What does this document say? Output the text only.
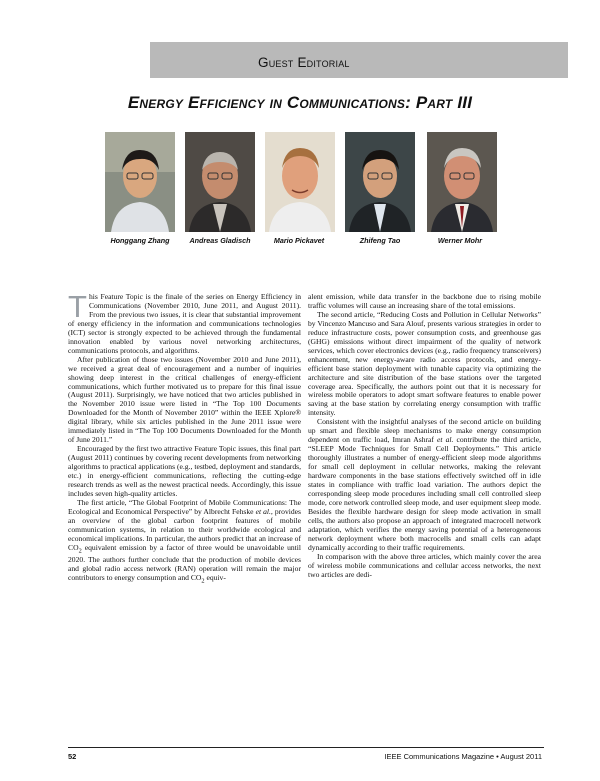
Guest Editorial
Energy Efficiency in Communications: Part III
Honggang Zhang	Andreas Gladisch	Mario Pickavet	Zhifeng Tao	Werner Mohr

This Feature Topic is the finale of the series on Energy Efficiency in Communications (November 2010, June 2011, and August 2011). From the previous two issues, it is clear that substantial improvement of energy efficiency in the information and communications technologies (ICT) sector is strongly expected to be achieved through the fundamental innovation enabled by various novel networking architectures, communications protocols, and algorithms.

After publication of those two issues (November 2010 and June 2011), we received a great deal of encouragement and a number of inquiries showing deep interest in the critical challenges of energy-efficient communications, which further motivated us to prepare for this final issue (August 2011). Surprisingly, we have noticed that two articles published in the November 2010 issue were listed in “The Top 100 Documents Downloaded for the Month of November 2010” within the IEEE Xplore® digital library, while six articles published in the June 2011 issue were immediately listed in “The Top 100 Documents Downloaded for the Month of June 2011.”

Encouraged by the first two attractive Feature Topic issues, this final part (August 2011) continues by covering recent developments from networking algorithms to practical applications (e.g., testbed, deployment and standards, etc.) in energy-efficient communications, reflecting the cutting-edge research trends as well as the newest practical needs. Accordingly, this issue includes seven high-quality articles.

The first article, “The Global Footprint of Mobile Communications: The Ecological and Economical Perspective” by Albrecht Fehske et al., provides an overview of the global carbon footprint features of mobile communication systems, in relation to their worldwide ecological and economical implications. In particular, the authors predict that an increase of $CO_2$ equivalent emission by a factor of three would be unavoidable until 2020. The authors further conclude that the production of mobile devices and global radio access network (RAN) operation will remain the major contributors to energy consumption and $CO_2$ equiv-

alent emission, while data transfer in the backbone due to rising mobile traffic volumes will cause an increasing share of the total emissions.

The second article, “Reducing Costs and Pollution in Cellular Networks” by Vincenzo Mancuso and Sara Alouf, presents various strategies in order to reduce infrastructure costs, power consumption costs, and greenhouse gas (GHG) emissions without direct impairment of the quality of network services, which cover electronics devices (e.g., radio frequency transceivers) enhancement, new energy-aware radio access protocols, and energy-efficient base station deployment with tunable capacity via optimizing the architecture and site distribution of the base stations over the targeted coverage area. Specifically, the authors point out that it is necessary for wireless mobile operators to adopt smart software features to enable power saving at the base station by correlating energy consumption with traffic intensity.

Consistent with the insightful analyses of the second article on building up smart and flexible sleep mechanisms to make energy consumption dependent on traffic load, Imran Ashraf et al. contribute the third article, “SLEEP Mode Techniques for Small Cell Deployments.” This article thoroughly illustrates a number of energy-efficient sleep mode algorithms for small cell deployment in cellular networks, making the relevant hardware components in the base stations effectively switched off in idle states in compliance with traffic load variation. The authors depict the corresponding sleep mode procedures including small cell controlled sleep mode, core network controlled sleep mode, and user equipment sleep mode. Besides the flexible hardware design for sleep mode activation in small cells, the authors also propose an approach of integrated macrocell network adaptation, which verifies the energy saving potential of a heterogeneous network deployment where both macrocells and small cells can adapt dynamically according to their traffic requirements.

In comparison with the above three articles, which mainly cover the area of wireless mobile communications and cellular access networks, the next two articles are dedi-

52	IEEE Communications Magazine • August 2011
